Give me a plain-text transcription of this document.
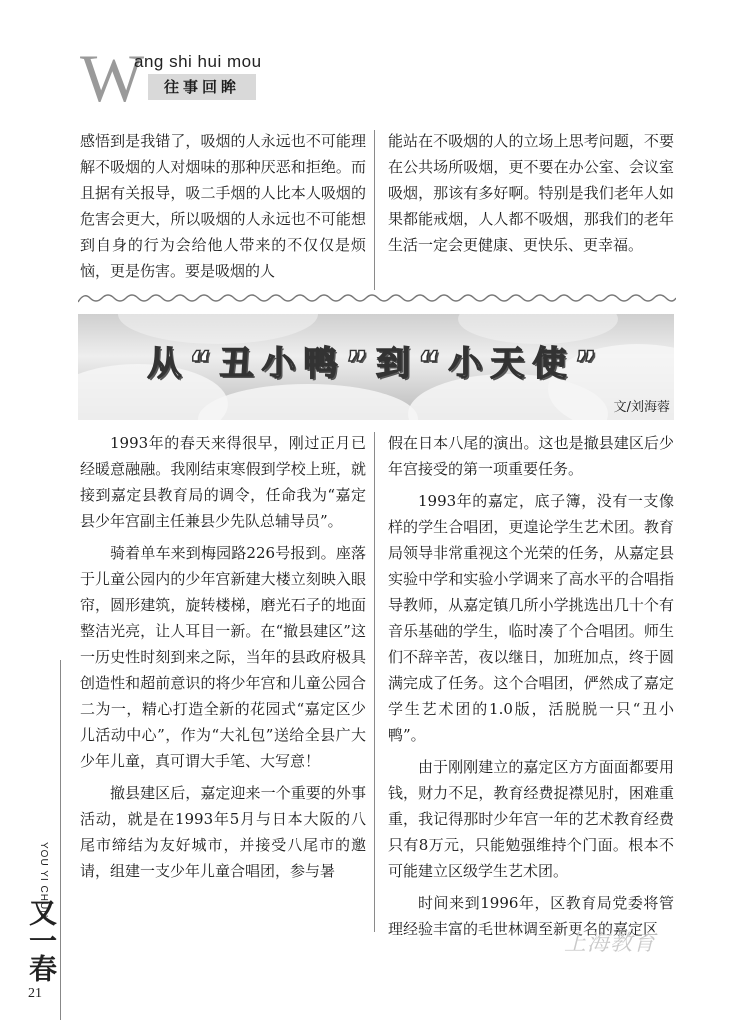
W
ang shi hui mou
往事回眸

感悟到是我错了，吸烟的人永远也不可能理解不吸烟的人对烟味的那种厌恶和拒绝。而且据有关报导，吸二手烟的人比本人吸烟的危害会更大，所以吸烟的人永远也不可能想到自身的行为会给他人带来的不仅仅是烦恼，更是伤害。要是吸烟的人

能站在不吸烟的人的立场上思考问题，不要在公共场所吸烟，更不要在办公室、会议室吸烟，那该有多好啊。特别是我们老年人如果都能戒烟，人人都不吸烟，那我们的老年生活一定会更健康、更快乐、更幸福。

从“丑小鸭”到“小天使”
文/刘海蓉

1993年的春天来得很早，刚过正月已经暖意融融。我刚结束寒假到学校上班，就接到嘉定县教育局的调令，任命我为“嘉定县少年宫副主任兼县少先队总辅导员”。

骑着单车来到梅园路226号报到。座落于儿童公园内的少年宫新建大楼立刻映入眼帘，圆形建筑，旋转楼梯，磨光石子的地面整洁光亮，让人耳目一新。在“撤县建区”这一历史性时刻到来之际，当年的县政府极具创造性和超前意识的将少年宫和儿童公园合二为一，精心打造全新的花园式“嘉定区少儿活动中心”，作为“大礼包”送给全县广大少年儿童，真可谓大手笔、大写意！

撤县建区后，嘉定迎来一个重要的外事活动，就是在1993年5月与日本大阪的八尾市缔结为友好城市，并接受八尾市的邀请，组建一支少年儿童合唱团，参与暑

假在日本八尾的演出。这也是撤县建区后少年宫接受的第一项重要任务。

1993年的嘉定，底子簿，没有一支像样的学生合唱团，更遑论学生艺术团。教育局领导非常重视这个光荣的任务，从嘉定县实验中学和实验小学调来了高水平的合唱指导教师，从嘉定镇几所小学挑选出几十个有音乐基础的学生，临时凑了个合唱团。师生们不辞辛苦，夜以继日，加班加点，终于圆满完成了任务。这个合唱团，俨然成了嘉定学生艺术团的1.0版，活脱脱一只“丑小鸭”。

由于刚刚建立的嘉定区方方面面都要用钱，财力不足，教育经费捉襟见肘，困难重重，我记得那时少年宫一年的艺术教育经费只有8万元，只能勉强维持个门面。根本不可能建立区级学生艺术团。

时间来到1996年，区教育局党委将管理经验丰富的毛世林调至新更名的嘉定区

上海教育
YOU YI CHUN
又一春
21
